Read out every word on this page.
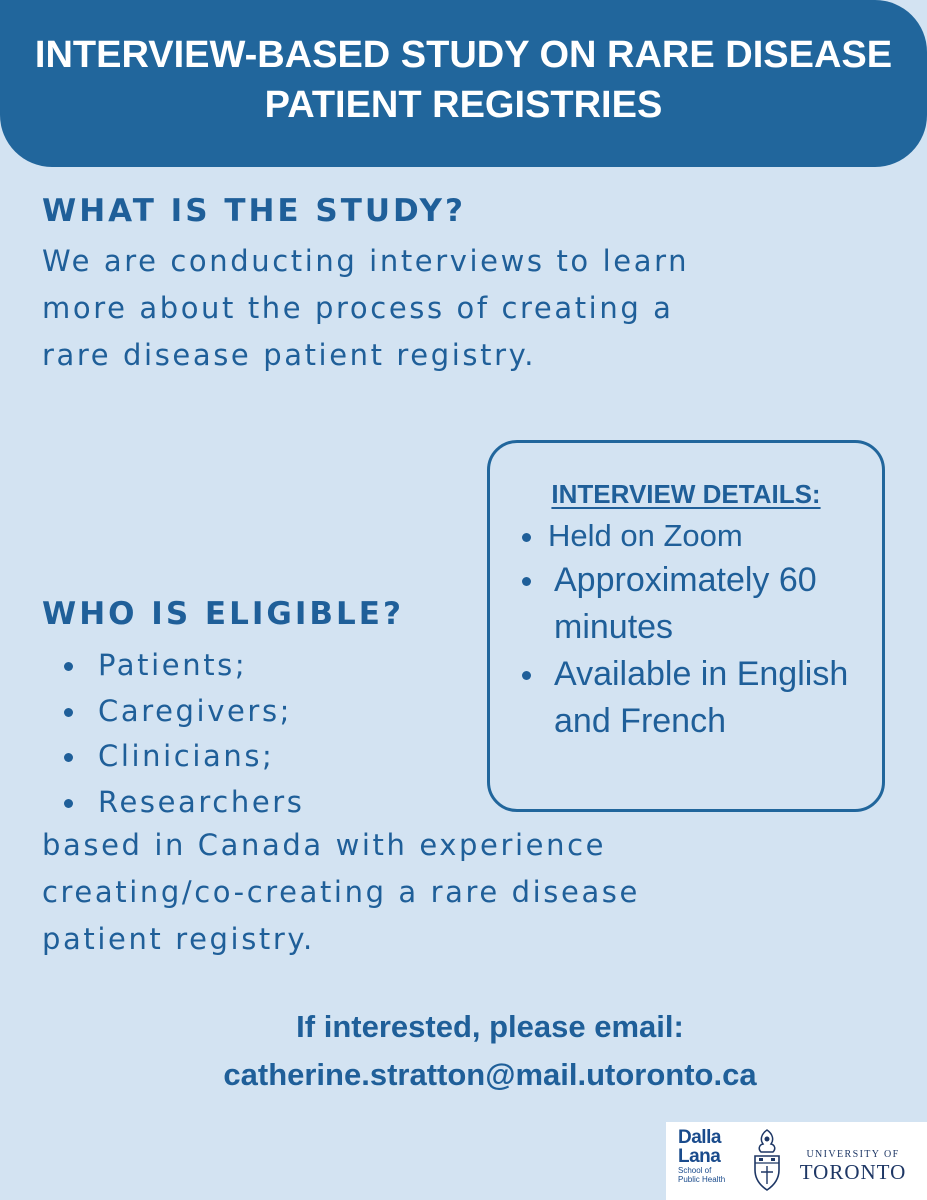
INTERVIEW-BASED STUDY ON RARE DISEASE
PATIENT REGISTRIES
WHAT IS THE STUDY?
We are conducting interviews to learn
more about the process of creating a
rare disease patient registry.
WHO IS ELIGIBLE?
Patients;
Caregivers;
Clinicians;
Researchers
based in Canada with experience
creating/co-creating a rare disease
patient registry.
INTERVIEW DETAILS:
Held on Zoom
Approximately 60
minutes
Available in English
and French
If interested, please email:
catherine.stratton@mail.utoronto.ca
Dalla
Lana
School of
Public Health
UNIVERSITY OF
TORONTO
